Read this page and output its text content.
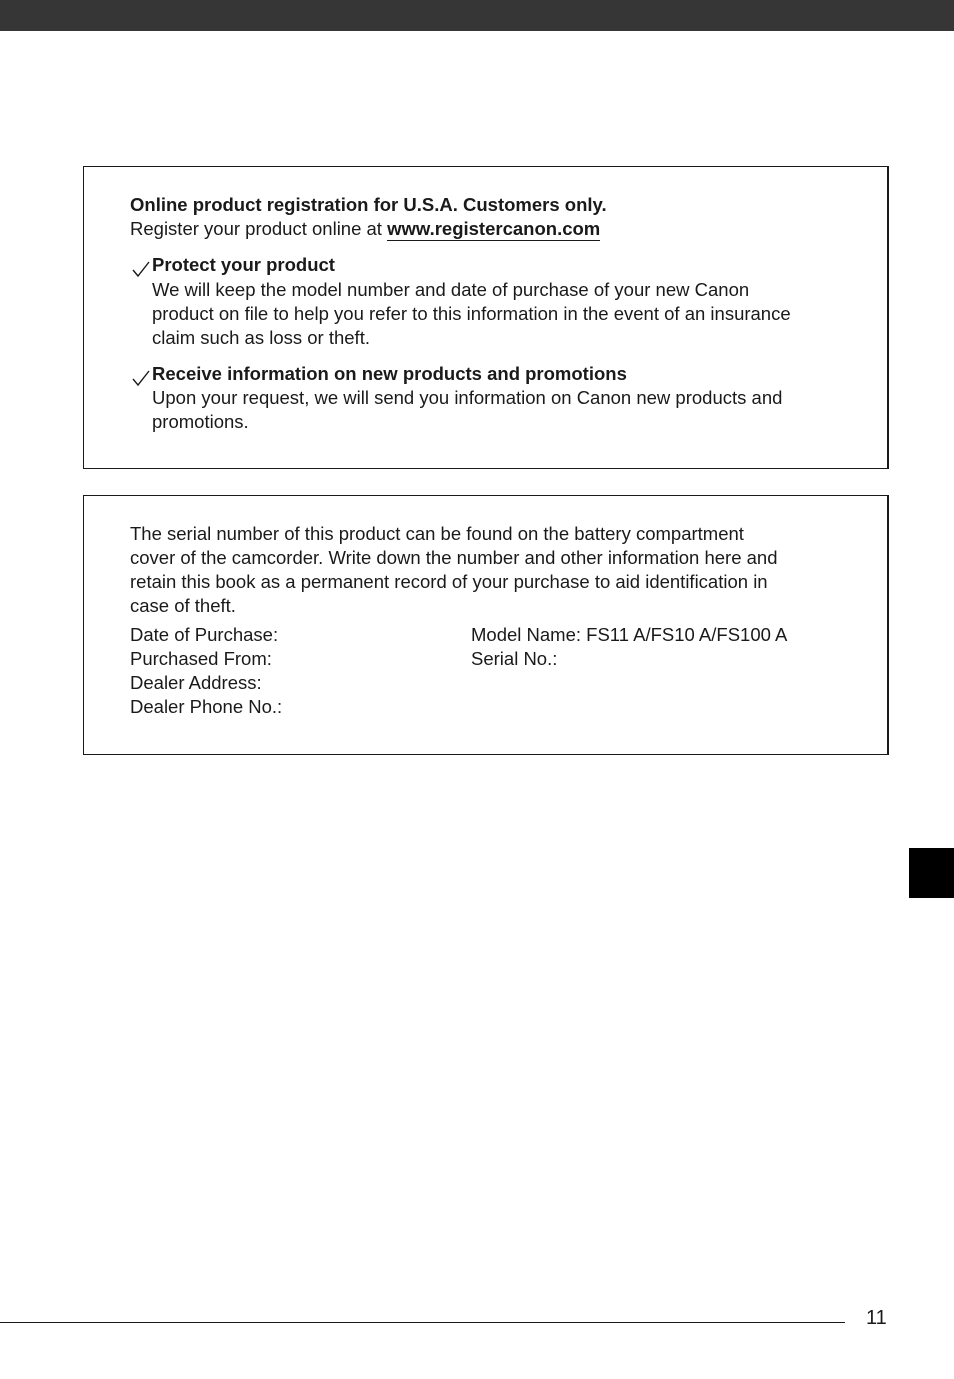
Online product registration for U.S.A. Customers only.
Register your product online at www.registercanon.com
Protect your product
We will keep the model number and date of purchase of your new Canon
product on file to help you refer to this information in the event of an insurance
claim such as loss or theft.
Receive information on new products and promotions
Upon your request, we will send you information on Canon new products and
promotions.
The serial number of this product can be found on the battery compartment
cover of the camcorder. Write down the number and other information here and
retain this book as a permanent record of your purchase to aid identification in
case of theft.
Date of Purchase:
Purchased From:
Dealer Address:
Dealer Phone No.:
Model Name: FS11 A/FS10 A/FS100 A
Serial No.:
11
